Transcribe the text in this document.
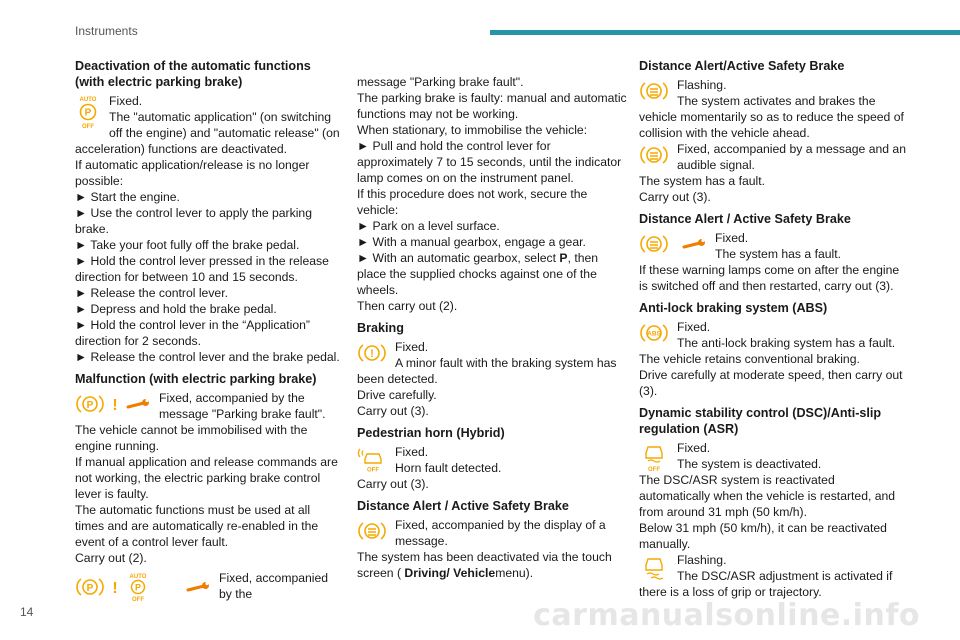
Instruments
14	carmanualsonline.info
Deactivation of the automatic functions (with electric parking brake)
AUTO
P
OFF

Fixed.

The "automatic application" (on switching off the engine) and "automatic release" (on acceleration) functions are deactivated.

If automatic application/release is no longer possible:

► Start the engine.

► Use the control lever to apply the parking brake.

► Take your foot fully off the brake pedal.

► Hold the control lever pressed in the release direction for between 10 and 15 seconds.

► Release the control lever.

► Depress and hold the brake pedal.

► Hold the control lever in the “Application” direction for 2 seconds.

► Release the control lever and the brake pedal.

Malfunction (with electric parking brake)
P !	Fixed, accompanied by the message "Parking brake fault".

The vehicle cannot be immobilised with the engine running.

If manual application and release commands are not working, the electric parking brake control lever is faulty.

The automatic functions must be used at all times and are automatically re-enabled in the event of a control lever fault.

Carry out (2).

P !
AUTO
P
OFF

Fixed, accompanied by the

message "Parking brake fault".

The parking brake is faulty: manual and automatic functions may not be working.

When stationary, to immobilise the vehicle:

► Pull and hold the control lever for approximately 7 to 15 seconds, until the indicator lamp comes on on the instrument panel.

If this procedure does not work, secure the vehicle:

► Park on a level surface.

► With a manual gearbox, engage a gear.

► With an automatic gearbox, select P, then place the supplied chocks against one of the wheels.

Then carry out (2).

Braking
!	Fixed.

A minor fault with the braking system has been detected.

Drive carefully.

Carry out (3).

Pedestrian horn (Hybrid)
OFF

Fixed.

Horn fault detected.

Carry out (3).

Distance Alert / Active Safety Brake

Fixed, accompanied by the display of a message.

The system has been deactivated via the touch screen ( Driving/ Vehiclemenu).

Distance Alert/Active Safety Brake

Flashing.

The system activates and brakes the vehicle momentarily so as to reduce the speed of collision with the vehicle ahead.

Fixed, accompanied by a message and an audible signal.

The system has a fault.

Carry out (3).

Distance Alert / Active Safety Brake

Fixed.

The system has a fault.

If these warning lamps come on after the engine is switched off and then restarted, carry out (3).

Anti-lock braking system (ABS)
ABS	Fixed.

The anti-lock braking system has a fault.

The vehicle retains conventional braking.

Drive carefully at moderate speed, then carry out (3).

Dynamic stability control (DSC)/Anti-slip regulation (ASR)
OFF

Fixed.

The system is deactivated.

The DSC/ASR system is reactivated automatically when the vehicle is restarted, and from around 31 mph (50 km/h).

Below 31 mph (50 km/h), it can be reactivated manually.

Flashing.

The DSC/ASR adjustment is activated if there is a loss of grip or trajectory.
